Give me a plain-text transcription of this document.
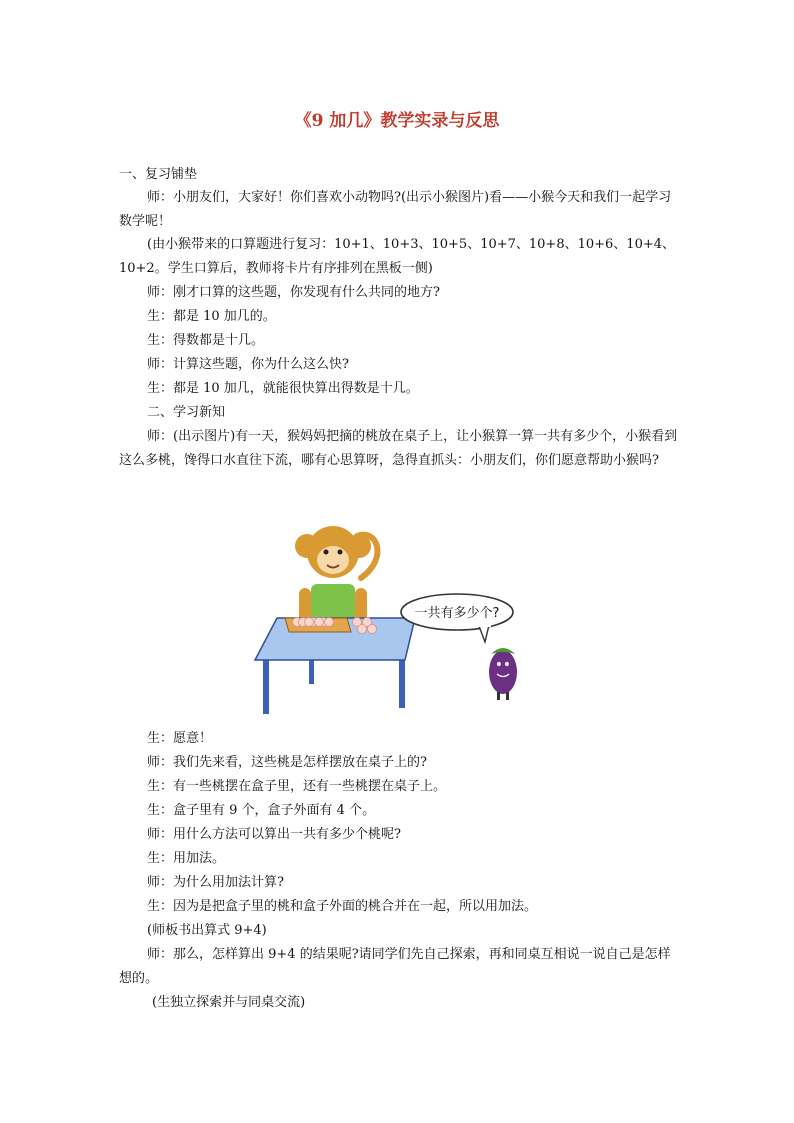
《9 加几》教学实录与反思

一、复习铺垫

师：小朋友们，大家好！你们喜欢小动物吗?(出示小猴图片)看——小猴今天和我们一起学习数学呢！

(由小猴带来的口算题进行复习：10+1、10+3、10+5、10+7、10+8、10+6、10+4、10+2。学生口算后，教师将卡片有序排列在黑板一侧)

师：刚才口算的这些题，你发现有什么共同的地方?

生：都是 10 加几的。

生：得数都是十几。

师：计算这些题，你为什么这么快?

生：都是 10 加几，就能很快算出得数是十几。

二、学习新知

师：(出示图片)有一天，猴妈妈把摘的桃放在桌子上，让小猴算一算一共有多少个，小猴看到这么多桃，馋得口水直往下流，哪有心思算呀，急得直抓头：小朋友们，你们愿意帮助小猴吗?

一共有多少个?

生：愿意！

师：我们先来看，这些桃是怎样摆放在桌子上的?

生：有一些桃摆在盒子里，还有一些桃摆在桌子上。

生：盒子里有 9 个，盒子外面有 4 个。

师：用什么方法可以算出一共有多少个桃呢?

生：用加法。

师：为什么用加法计算?

生：因为是把盒子里的桃和盒子外面的桃合并在一起，所以用加法。

(师板书出算式 9+4)

师：那么，怎样算出 9+4 的结果呢?请同学们先自己探索，再和同桌互相说一说自己是怎样想的。

(生独立探索并与同桌交流)
